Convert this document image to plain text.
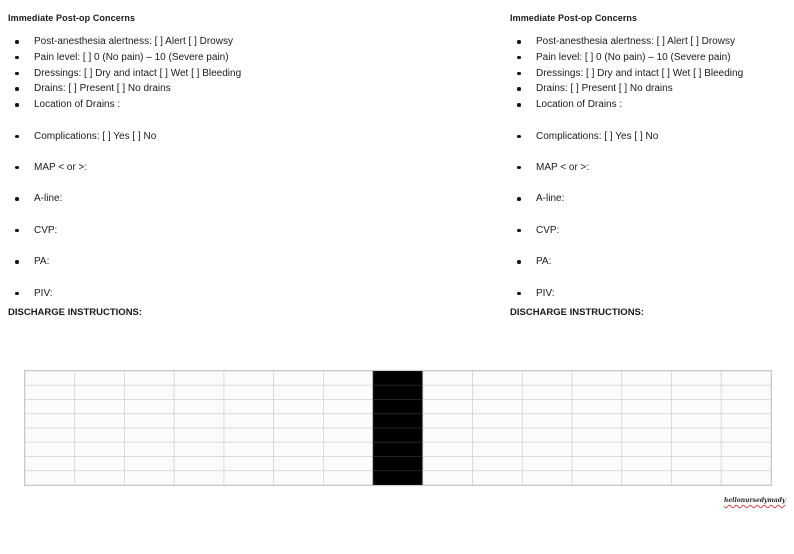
Immediate Post-op Concerns
Post-anesthesia alertness: [ ] Alert [ ] Drowsy
Pain level: [ ] 0 (No pain) – 10 (Severe pain)
Dressings: [ ] Dry and intact [ ] Wet [ ] Bleeding
Drains: [ ] Present [ ] No drains
Location of Drains :
Complications: [ ] Yes [ ] No
MAP < or >:
A-line:
CVP:
PA:
PIV:
DISCHARGE INSTRUCTIONS:
Immediate Post-op Concerns
Post-anesthesia alertness: [ ] Alert [ ] Drowsy
Pain level: [ ] 0 (No pain) – 10 (Severe pain)
Dressings: [ ] Dry and intact [ ] Wet [ ] Bleeding
Drains: [ ] Present [ ] No drains
Location of Drains :
Complications: [ ] Yes [ ] No
MAP < or >:
A-line:
CVP:
PA:
PIV:
DISCHARGE INSTRUCTIONS:
hellonursedymady
